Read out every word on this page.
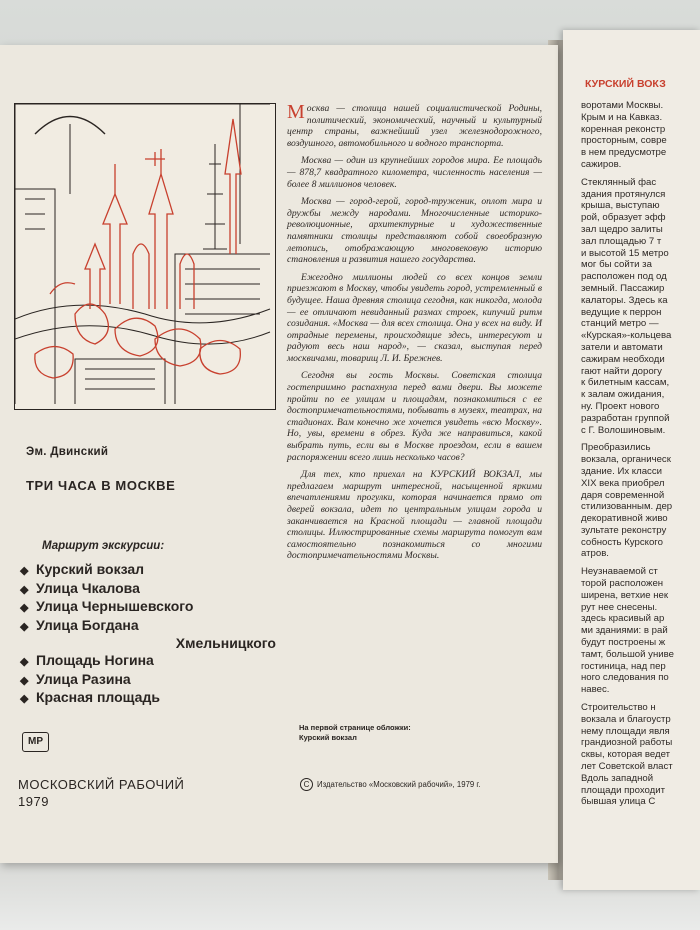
Москва — столица нашей социалистической Родины, политический, экономический, научный и культурный центр страны, важнейший узел железнодорожного, воздушного, автомобильного и водного транспорта.

Москва — один из крупнейших городов мира. Ее площадь — 878,7 квадратного километра, численность населения — более 8 миллионов человек.

Москва — город-герой, город-труженик, оплот мира и дружбы между народами. Многочисленные историко-революционные, архитектурные и художественные памятники столицы представляют собой своеобразную летопись, отображающую многовековую историю становления и развития нашего государства.

Ежегодно миллионы людей со всех концов земли приезжают в Москву, чтобы увидеть город, устремленный в будущее. Наша древняя столица сегодня, как никогда, молода — ее отличают невиданный размах строек, кипучий ритм созидания. «Москва — для всех столица. Она у всех на виду. И отрадные перемены, происходящие здесь, интересуют и радуют весь наш народ», — сказал, выступая перед москвичами, товарищ Л. И. Брежнев.

Сегодня вы гость Москвы. Советская столица гостеприимно распахнула перед вами двери. Вы можете пройти по ее улицам и площадям, познакомиться с ее достопримечательностями, побывать в музеях, театрах, на стадионах. Вам конечно же хочется увидеть «всю Москву». Но, увы, времени в обрез. Куда же направиться, какой выбрать путь, если вы в Москве проездом, если в вашем распоряжении всего лишь несколько часов?

Для тех, кто приехал на КУРСКИЙ ВОКЗАЛ, мы предлагаем маршрут интересной, насыщенной яркими впечатлениями прогулки, которая начинается прямо от дверей вокзала, идет по центральным улицам города и заканчивается на Красной площади — главной площади столицы. Иллюстрированные схемы маршрута помогут вам самостоятельно познакомиться со многими достопримечательностями Москвы.

Эм. Двинский
ТРИ ЧАСА В МОСКВЕ
Маршрут экскурсии:
◆ Курский вокзал
◆ Улица Чкалова
◆ Улица Чернышевского
◆ Улица Богдана
Хмельницкого
◆ Площадь Ногина
◆ Улица Разина
◆ Красная площадь
МР
МОСКОВСКИЙ РАБОЧИЙ
1979
На первой странице обложки:
Курский вокзал
C Издательство «Московский рабочий», 1979 г.
КУРСКИЙ ВОКЗ
воротами Москвы.
Крым и на Кавказ.
коренная реконстр
просторным, совре
в нем предусмотре
сажиров.
Стеклянный фас
здания протянулся
крыша, выступаю
рой, образует эфф
зал щедро залиты
зал площадью 7 т
и высотой 15 метро
мог бы сойти за
расположен под од
земный. Пассажир
калаторы. Здесь ка
ведущие к перрон
станций метро —
«Курская»-кольцева
затели и автомати
сажирам необходи
гают найти дорогу
к билетным кассам,
к залам ожидания,
ну. Проект нового
разработан группой
с Г. Волошиновым.
Преобразились
вокзала, органическ
здание. Их класси
XIX века приобрел
даря современной
стилизованным. дер
декоративной живо
зультате реконстру
собность Курского
атров.
Неузнаваемой ст
торой расположен
ширена, ветхие нек
рут нее снесены.
здесь красивый ар
ми зданиями: в рай
будут построены ж
тамт, большой униве
гостиница, над пер
ного следования по
навес.
Строительство н
вокзала и благоустр
нему площади явля
грандиозной работы
сквы, которая ведет
лет Советской власт
Вдоль западной
площади проходит
бывшая улица С
